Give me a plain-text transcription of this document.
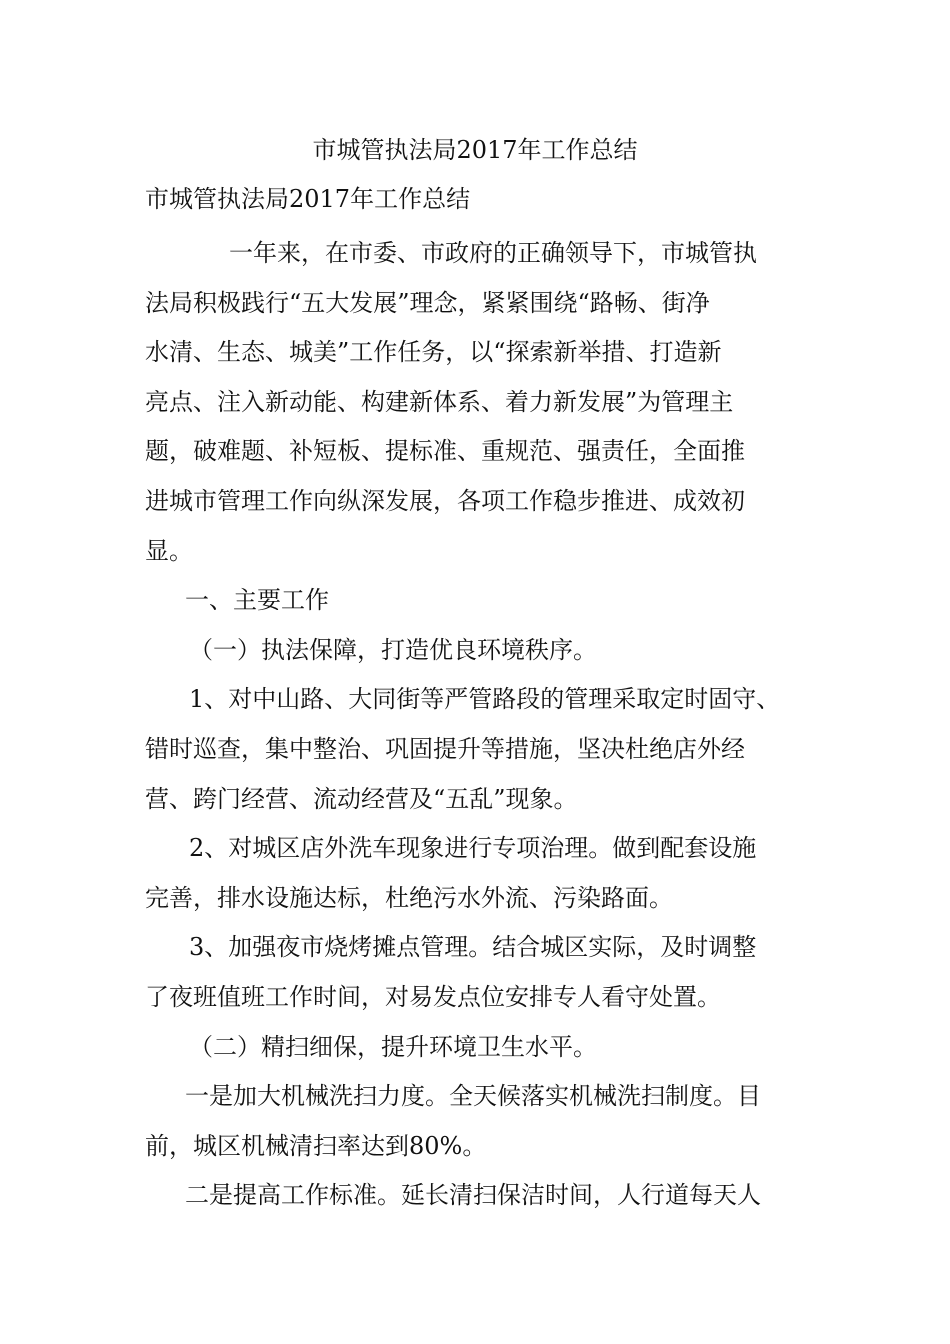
市城管执法局2017年工作总结
市城管执法局2017年工作总结
一年来，在市委、市政府的正确领导下，市城管执
法局积极践行“五大发展”理念，紧紧围绕“路畅、街净
水清、生态、城美”工作任务，以“探索新举措、打造新
亮点、注入新动能、构建新体系、着力新发展”为管理主
题，破难题、补短板、提标准、重规范、强责任，全面推
进城市管理工作向纵深发展，各项工作稳步推进、成效初
显。
一、主要工作
（一）执法保障，打造优良环境秩序。
1、对中山路、大同街等严管路段的管理采取定时固守、
错时巡查，集中整治、巩固提升等措施，坚决杜绝店外经
营、跨门经营、流动经营及“五乱”现象。
2、对城区店外洗车现象进行专项治理。做到配套设施
完善，排水设施达标，杜绝污水外流、污染路面。
3、加强夜市烧烤摊点管理。结合城区实际，及时调整
了夜班值班工作时间，对易发点位安排专人看守处置。
（二）精扫细保，提升环境卫生水平。
一是加大机械洗扫力度。全天候落实机械洗扫制度。目
前，城区机械清扫率达到80%。
二是提高工作标准。延长清扫保洁时间，人行道每天人
